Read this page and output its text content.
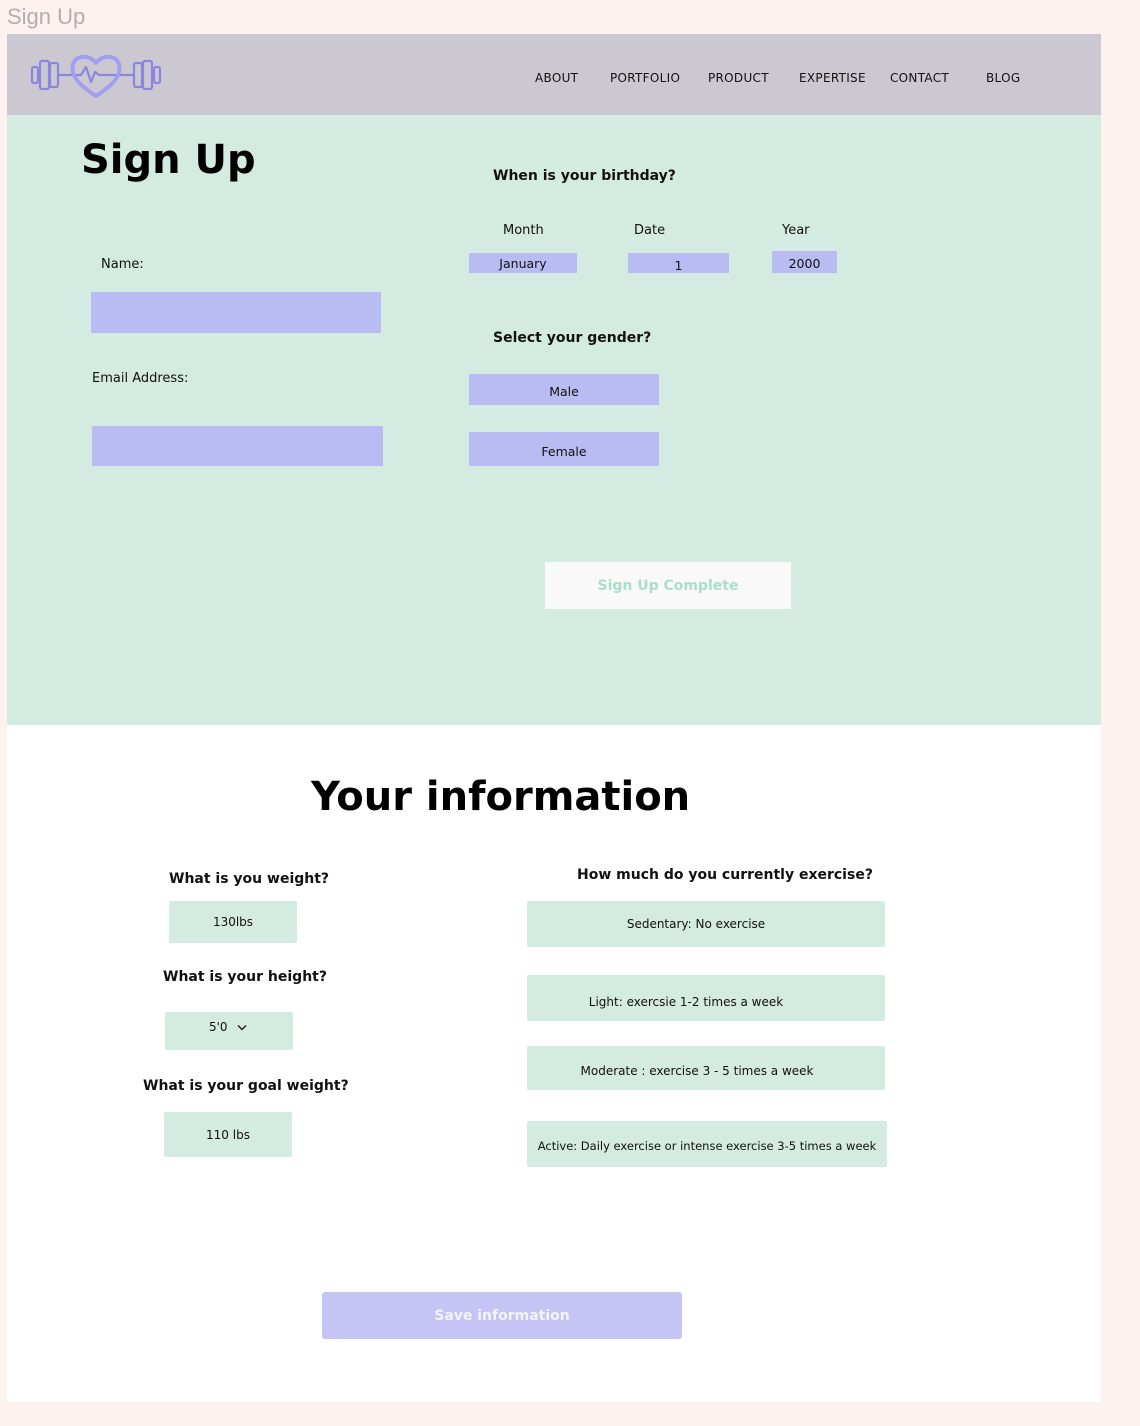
Sign Up
ABOUT	PORTFOLIO PRODUCT	EXPERTISE CONTACT	BLOG
Sign Up
Name:
Email Address:
When is your birthday?
Month	Date	Year
January	1	2000
Select your gender?
Male
Female
Sign Up Complete
Your information
What is you weight?
130lbs
What is your height?
5'0
What is your goal weight?
110 lbs
How much do you currently exercise?
Sedentary: No exercise
Light: exercsie 1-2 times a week
Moderate : exercise 3 - 5 times a week
Active: Daily exercise or intense exercise 3-5 times a week
Save information
